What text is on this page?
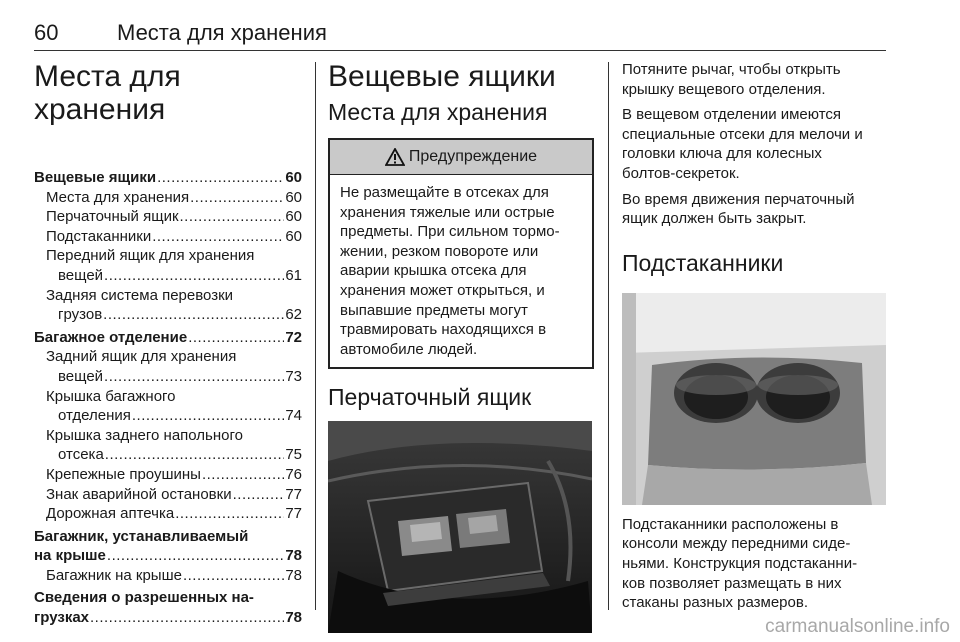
60	Места для хранения
Места для
хранения
Вещевые ящики .....	60
Места для хранения .....	60
Перчаточный ящик .....	60
Подстаканники .....	60
Передний ящик для хранения
вещей .....	61
Задняя система перевозки
грузов .....	62
Багажное отделение .....	72
Задний ящик для хранения
вещей .....	73
Крышка багажного
отделения .....	74
Крышка заднего напольного
отсека .....	75
Крепежные проушины .....	76
Знак аварийной остановки .....	77
Дорожная аптечка .....	77
Багажник, устанавливаемый
на крыше .....	78
Багажник на крыше .....	78
Сведения о разрешенных на-
грузках .....	78
Вещевые ящики
Места для хранения
Предупреждение
Не размещайте в отсеках для
хранения тяжелые или острые
предметы. При сильном тормо-
жении, резком повороте или
аварии крышка отсека для
хранения может открыться, и
выпавшие предметы могут
травмировать находящихся в
автомобиле людей.
Перчаточный ящик

Потяните рычаг, чтобы открыть
крышку вещевого отделения.

В вещевом отделении имеются
специальные отсеки для мелочи и
головки ключа для колесных
болтов-секреток.

Во время движения перчаточный
ящик должен быть закрыт.

Подстаканники

Подстаканники расположены в
консоли между передними сиде-
ньями. Конструкция подстаканни-
ков позволяет размещать в них
стаканы разных размеров.

carmanualsonline.info
